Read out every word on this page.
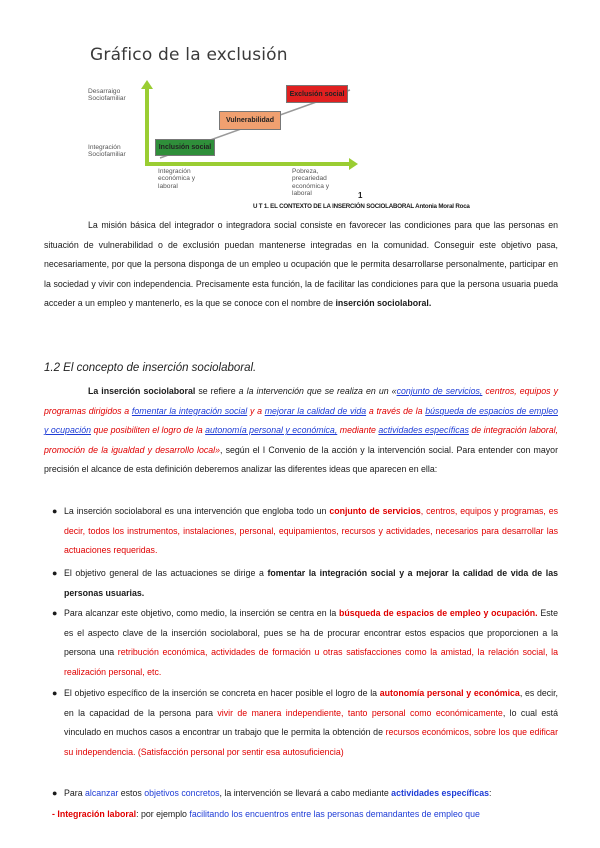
Gráfico de la exclusión
Desarraigo
Sociofamiliar
Integración
Sociofamiliar
Integración
económica y
laboral
Pobreza,
precariedad
económica y
laboral
Inclusión social
Vulnerabilidad
Exclusión social
1
U T 1. EL CONTEXTO DE LA INSERCIÓN SOCIOLABORAL Antonia Moral Roca
La misión básica del integrador o integradora social consiste en favorecer las condiciones para que las personas en situación de vulnerabilidad o de exclusión puedan mantenerse integradas en la comunidad. Conseguir este objetivo pasa, necesariamente, por que la persona disponga de un empleo u ocupación que le permita desarrollarse personalmente, participar en la sociedad y vivir con independencia. Precisamente esta función, la de facilitar las condiciones para que la persona usuaria pueda acceder a un empleo y mantenerlo, es la que se conoce con el nombre de inserción sociolaboral.
1.2 El concepto de inserción sociolaboral.
La inserción sociolaboral se refiere a la intervención que se realiza en un «conjunto de servicios, centros, equipos y programas dirigidos a fomentar la integración social y a mejorar la calidad de vida a través de la búsqueda de espacios de empleo y ocupación que posibiliten el logro de la autonomía personal y económica, mediante actividades específicas de integración laboral, promoción de la igualdad y desarrollo local», según el I Convenio de la acción y la intervención social. Para entender con mayor precisión el alcance de esta definición deberemos analizar las diferentes ideas que aparecen en ella:
● La inserción sociolaboral es una intervención que engloba todo un conjunto de servicios, centros, equipos y programas, es decir, todos los instrumentos, instalaciones, personal, equipamientos, recursos y actividades, necesarios para desarrollar las actuaciones requeridas.
● El objetivo general de las actuaciones se dirige a fomentar la integración social y a mejorar la calidad de vida de las personas usuarias.
● Para alcanzar este objetivo, como medio, la inserción se centra en la búsqueda de espacios de empleo y ocupación. Este es el aspecto clave de la inserción sociolaboral, pues se ha de procurar encontrar estos espacios que proporcionen a la persona una retribución económica, actividades de formación u otras satisfacciones como la amistad, la relación social, la realización personal, etc.
● El objetivo específico de la inserción se concreta en hacer posible el logro de la autonomía personal y económica, es decir, en la capacidad de la persona para vivir de manera independiente, tanto personal como económicamente, lo cual está vinculado en muchos casos a encontrar un trabajo que le permita la obtención de recursos económicos, sobre los que edificar su independencia. (Satisfacción personal por sentir esa autosuficiencia)
● Para alcanzar estos objetivos concretos, la intervención se llevará a cabo mediante actividades específicas:
- Integración laboral: por ejemplo facilitando los encuentros entre las personas demandantes de empleo que
